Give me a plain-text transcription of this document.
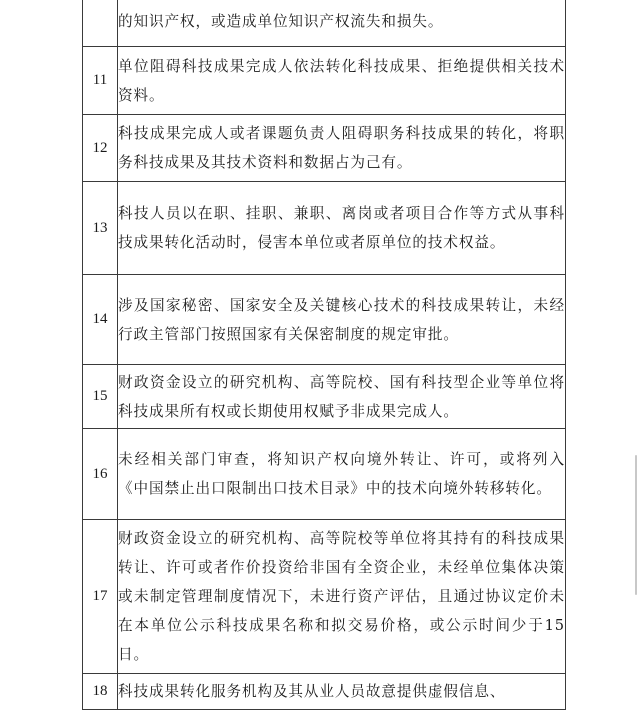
	的知识产权，或造成单位知识产权流失和损失。
11	单位阻碍科技成果完成人依法转化科技成果、拒绝提供相关技术资料。
12	科技成果完成人或者课题负责人阻碍职务科技成果的转化，将职务科技成果及其技术资料和数据占为己有。
13	科技人员以在职、挂职、兼职、离岗或者项目合作等方式从事科技成果转化活动时，侵害本单位或者原单位的技术权益。
14	涉及国家秘密、国家安全及关键核心技术的科技成果转让，未经行政主管部门按照国家有关保密制度的规定审批。
15	财政资金设立的研究机构、高等院校、国有科技型企业等单位将科技成果所有权或长期使用权赋予非成果完成人。
16	未经相关部门审查，将知识产权向境外转让、许可，或将列入《中国禁止出口限制出口技术目录》中的技术向境外转移转化。
17	财政资金设立的研究机构、高等院校等单位将其持有的科技成果转让、许可或者作价投资给非国有全资企业，未经单位集体决策或未制定管理制度情况下，未进行资产评估，且通过协议定价未在本单位公示科技成果名称和拟交易价格，或公示时间少于15日。
18	科技成果转化服务机构及其从业人员故意提供虚假信息、
